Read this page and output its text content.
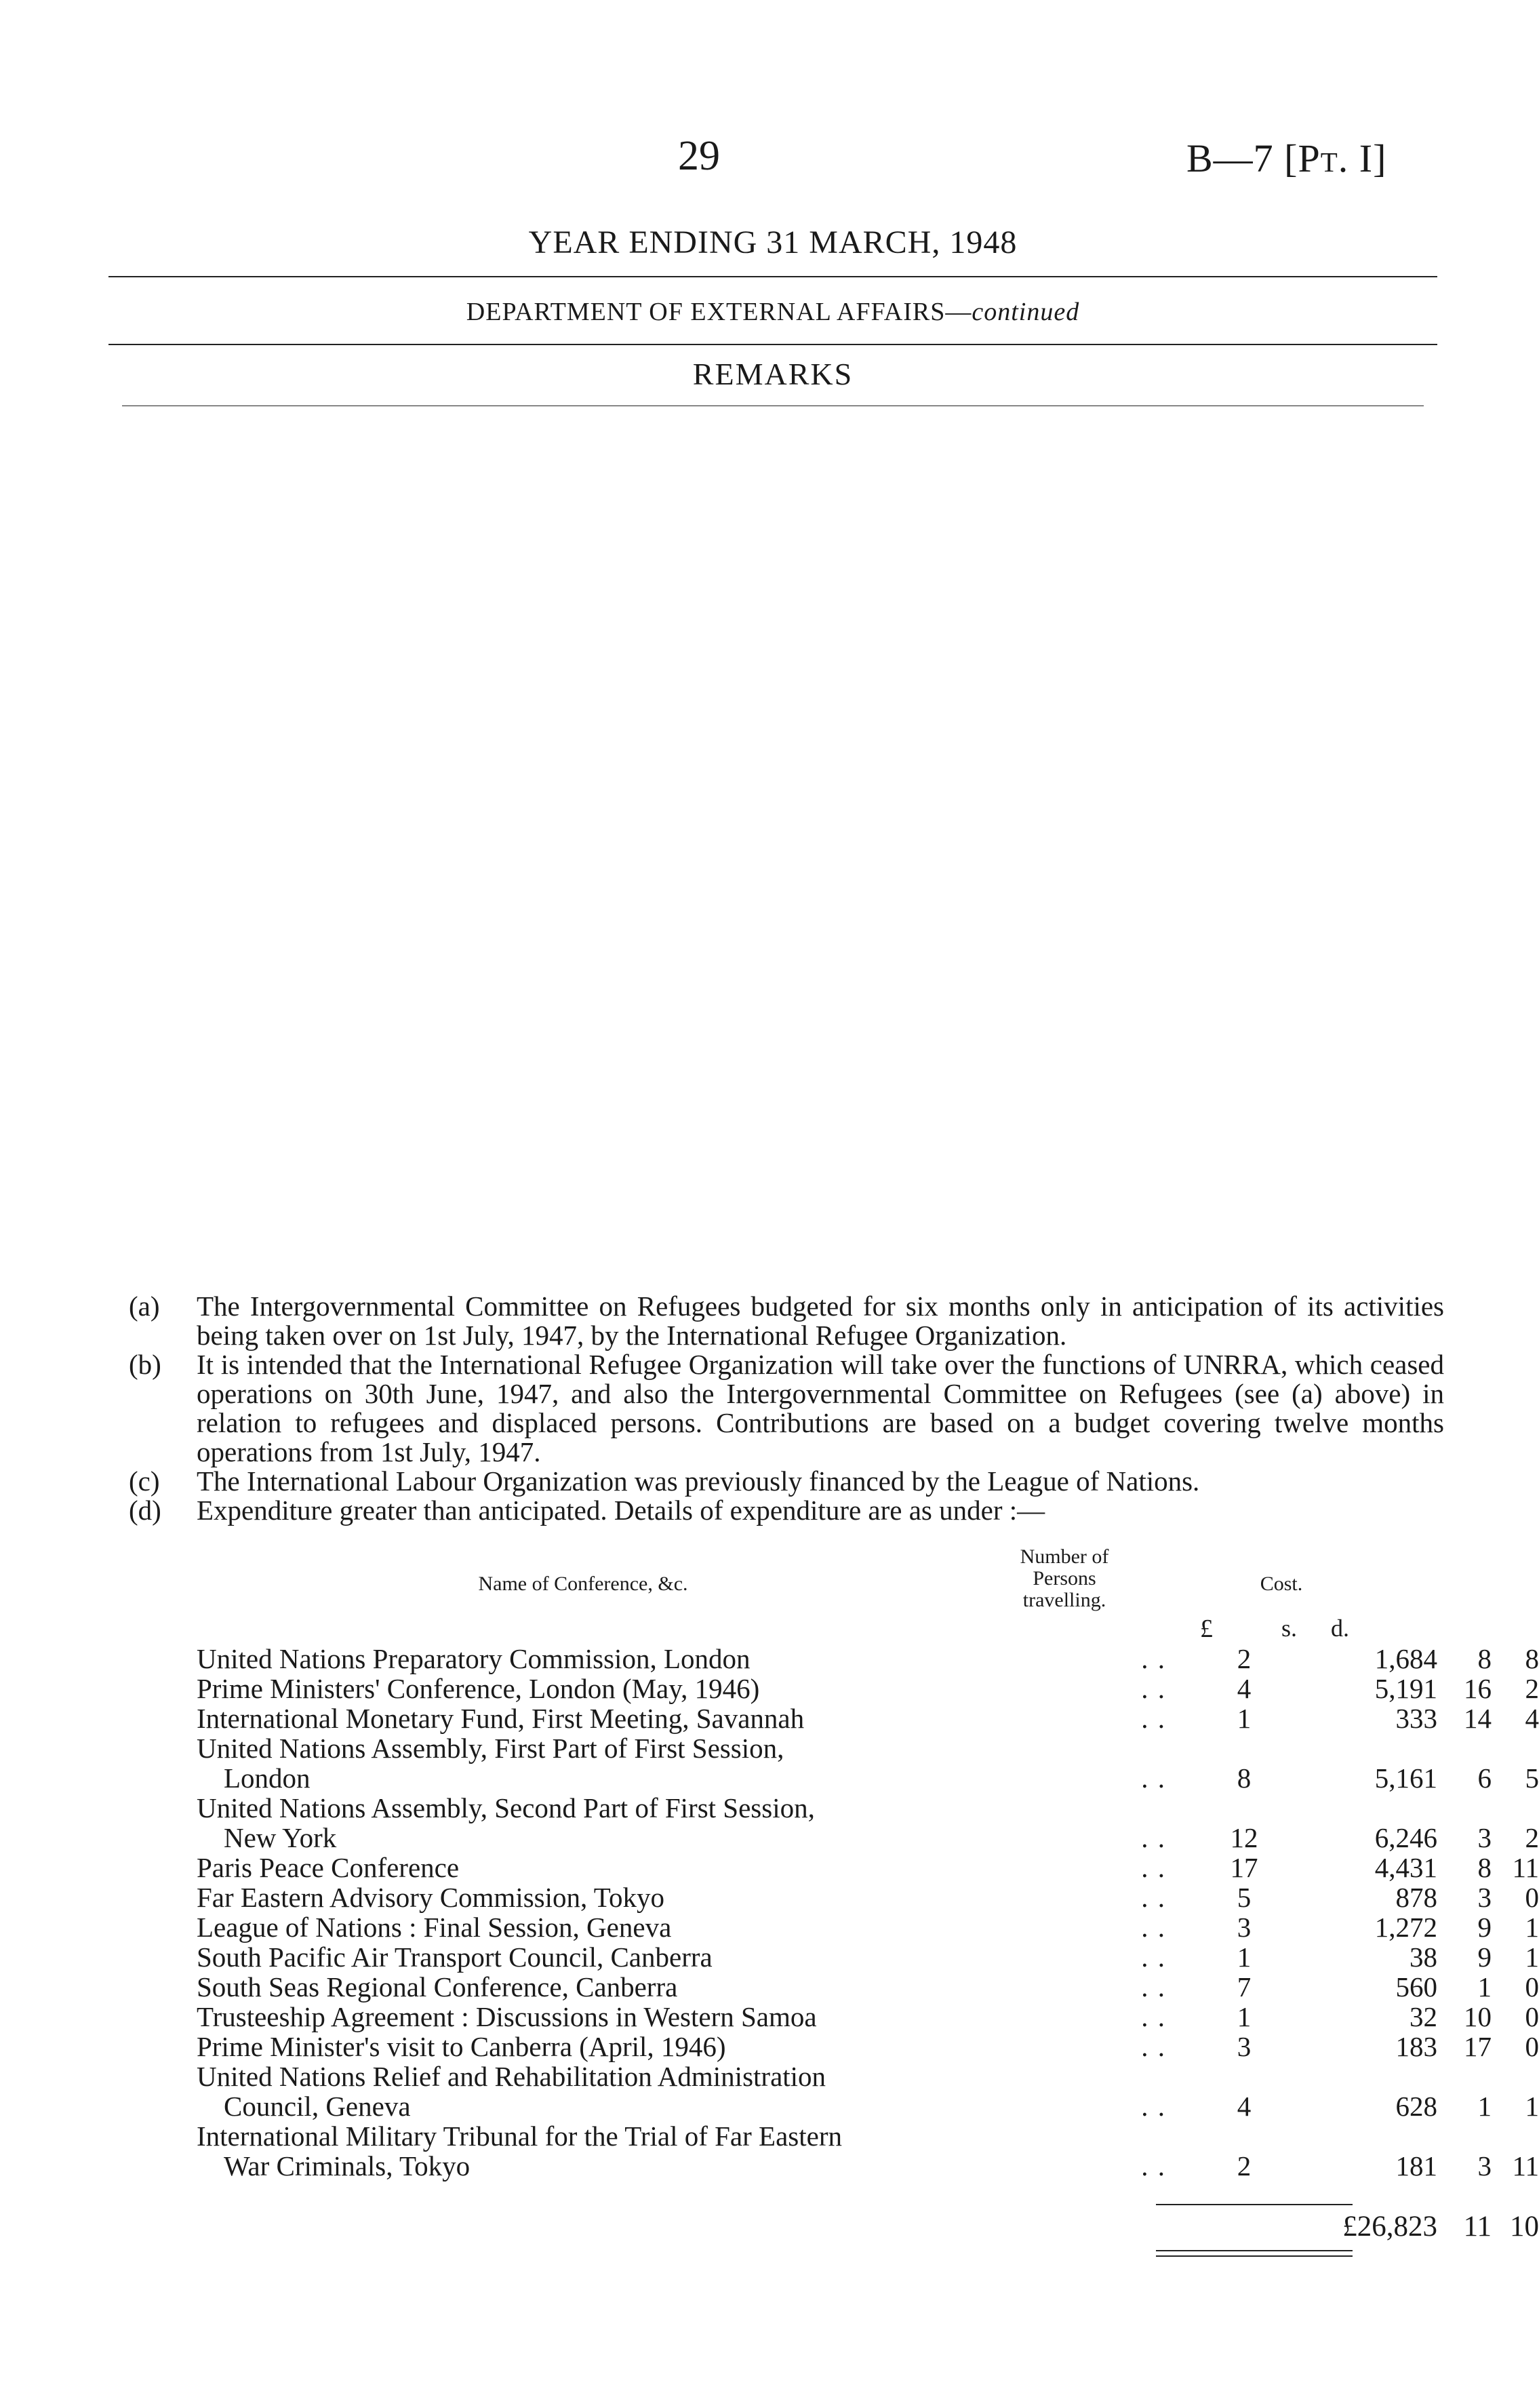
29	B—7 [Pt. I]
YEAR ENDING 31 MARCH, 1948
DEPARTMENT OF EXTERNAL AFFAIRS—continued
REMARKS
(a) The Intergovernmental Committee on Refugees budgeted for six months only in anticipation of its activities being taken over on 1st July, 1947, by the International Refugee Organization.
(b) It is intended that the International Refugee Organization will take over the functions of UNRRA, which ceased operations on 30th June, 1947, and also the Intergovernmental Committee on Refugees (see (a) above) in relation to refugees and displaced persons. Contributions are based on a budget covering twelve months operations from 1st July, 1947.
(c) The International Labour Organization was previously financed by the League of Nations.
(d) Expenditure greater than anticipated. Details of expenditure are as under :—
Name of Conference, &c.
Number of
Persons
travelling.
Cost.
£	s. d.
United Nations Preparatory Commission, London	. .	2	1,684	8	8
Prime Ministers' Conference, London (May, 1946)	. .	4	5,191 16	2
International Monetary Fund, First Meeting, Savannah	. .	1	333 14	4
United Nations Assembly, First Part of First Session,
London	. .	8	5,161	6	5
United Nations Assembly, Second Part of First Session,
New York	. .	12	6,246	3	2
Paris Peace Conference	. .	17	4,431	8 11
Far Eastern Advisory Commission, Tokyo	. .	5	878	3	0
League of Nations : Final Session, Geneva	. .	3	1,272	9	1
South Pacific Air Transport Council, Canberra	. .	1	38	9	1
South Seas Regional Conference, Canberra	. .	7	560	1	0
Trusteeship Agreement : Discussions in Western Samoa	. .	1	32 10	0
Prime Minister's visit to Canberra (April, 1946)	. .	3	183 17	0
United Nations Relief and Rehabilitation Administration
Council, Geneva	. .	4	628	1	1
International Military Tribunal for the Trial of Far Eastern
War Criminals, Tokyo	. .	2	181	3 11
£26,823 11 10
